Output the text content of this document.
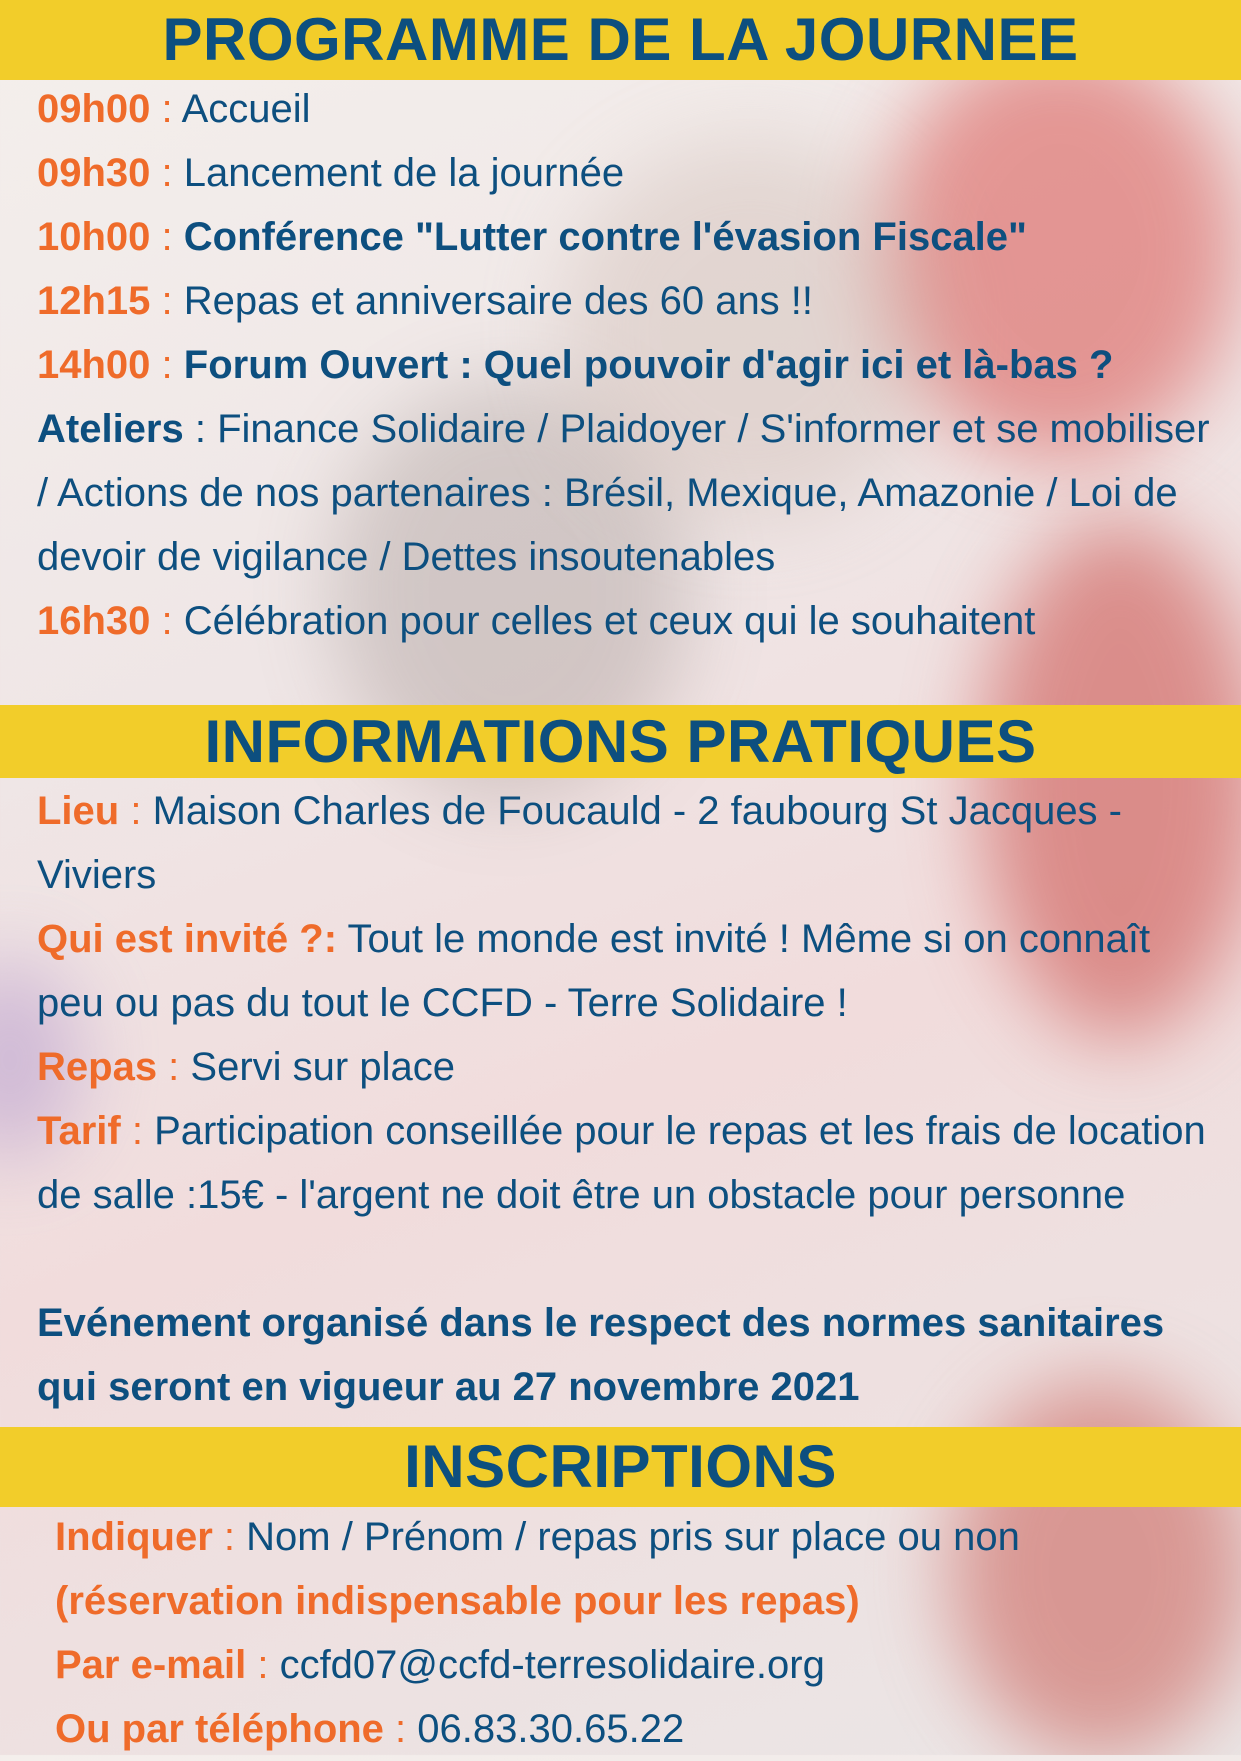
PROGRAMME DE LA JOURNEE
09h00 : Accueil
09h30 : Lancement de la journée
10h00 : Conférence "Lutter contre l'évasion Fiscale"
12h15 : Repas et anniversaire des 60 ans !!
14h00 : Forum Ouvert : Quel pouvoir d'agir ici et là-bas ?
Ateliers : Finance Solidaire / Plaidoyer / S'informer et se mobiliser / Actions de nos partenaires : Brésil, Mexique, Amazonie / Loi de devoir de vigilance / Dettes insoutenables
16h30 : Célébration pour celles et ceux qui le souhaitent
INFORMATIONS PRATIQUES
Lieu : Maison Charles de Foucauld - 2 faubourg St Jacques - Viviers
Qui est invité ?: Tout le monde est invité ! Même si on connaît peu ou pas du tout le CCFD - Terre Solidaire !
Repas : Servi sur place
Tarif : Participation conseillée pour le repas et les frais de location de salle :15€ - l'argent ne doit être un obstacle pour personne
Evénement organisé dans le respect des normes sanitaires qui seront en vigueur au 27 novembre 2021
INSCRIPTIONS
Indiquer : Nom / Prénom / repas pris sur place ou non
(réservation indispensable pour les repas)
Par e-mail : ccfd07@ccfd-terresolidaire.org
Ou par téléphone : 06.83.30.65.22
